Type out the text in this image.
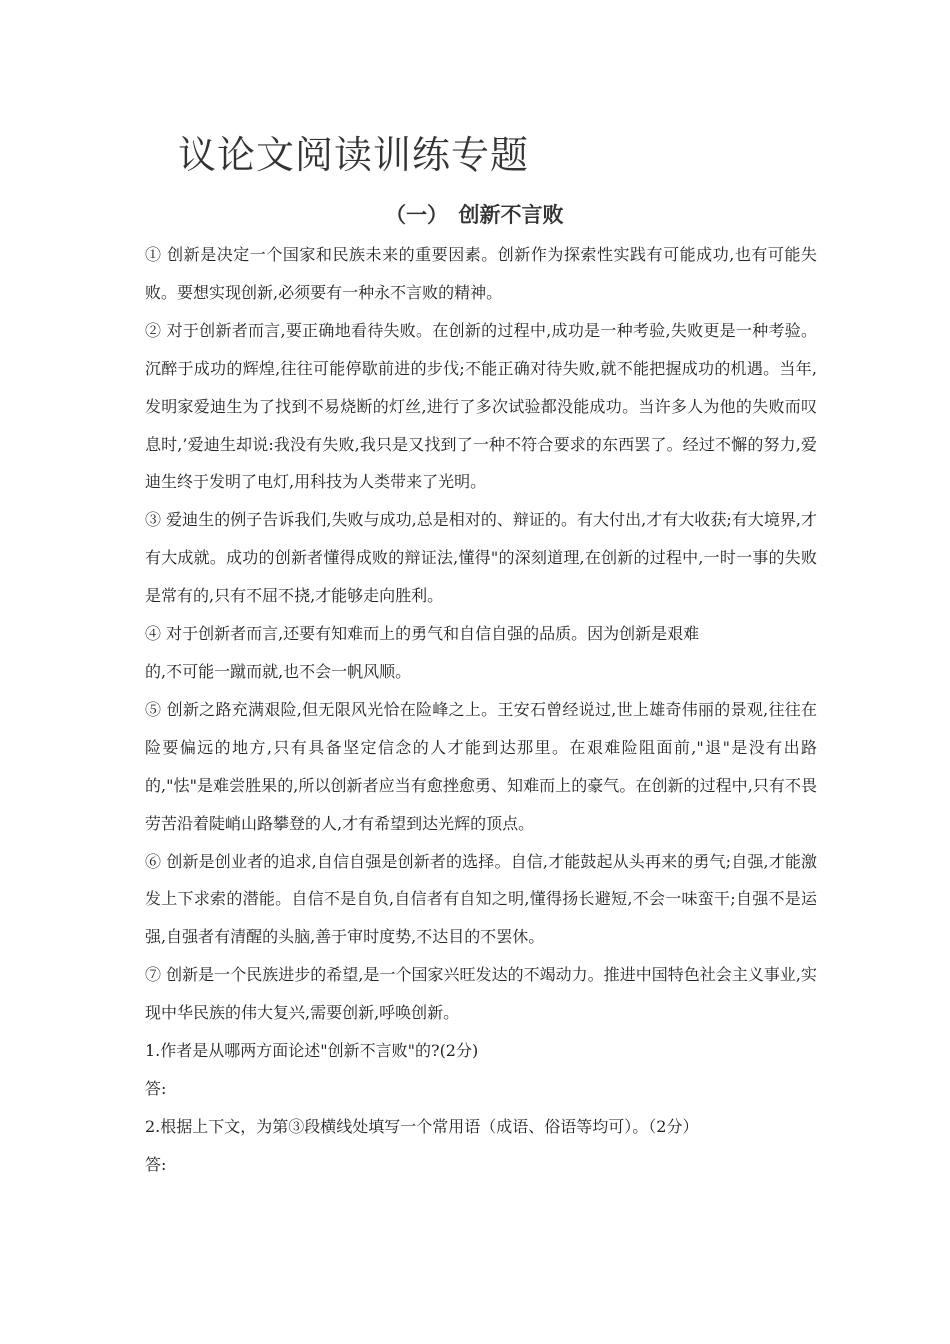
议论文阅读训练专题
（一）　创新不言败

① 创新是决定一个国家和民族未来的重要因素。创新作为探索性实践有可能成功,也有可能失败。要想实现创新,必须要有一种永不言败的精神。

② 对于创新者而言,要正确地看待失败。在创新的过程中,成功是一种考验,失败更是一种考验。沉醉于成功的辉煌,往往可能停歇前进的步伐;不能正确对待失败,就不能把握成功的机遇。当年,发明家爱迪生为了找到不易烧断的灯丝,进行了多次试验都没能成功。当许多人为他的失败而叹息时,’爱迪生却说:我没有失败,我只是又找到了一种不符合要求的东西罢了。经过不懈的努力,爱迪生终于发明了电灯,用科技为人类带来了光明。

③ 爱迪生的例子告诉我们,失败与成功,总是相对的、辩证的。有大付出,才有大收获;有大境界,才有大成就。成功的创新者懂得成败的辩证法,懂得"的深刻道理,在创新的过程中,一时一事的失败是常有的,只有不屈不挠,才能够走向胜利。

④ 对于创新者而言,还要有知难而上的勇气和自信自强的品质。因为创新是艰难

的,不可能一蹴而就,也不会一帆风顺。

⑤ 创新之路充满艰险,但无限风光恰在险峰之上。王安石曾经说过,世上雄奇伟丽的景观,往往在险要偏远的地方,只有具备坚定信念的人才能到达那里。在艰难险阻面前,"退"是没有出路的,"怯"是难尝胜果的,所以创新者应当有愈挫愈勇、知难而上的豪气。在创新的过程中,只有不畏劳苦沿着陡峭山路攀登的人,才有希望到达光辉的顶点。

⑥ 创新是创业者的追求,自信自强是创新者的选择。自信,才能鼓起从头再来的勇气;自强,才能激发上下求索的潜能。自信不是自负,自信者有自知之明,懂得扬长避短,不会一味蛮干;自强不是运强,自强者有清醒的头脑,善于审时度势,不达目的不罢休。

⑦ 创新是一个民族进步的希望,是一个国家兴旺发达的不竭动力。推进中国特色社会主义事业,实现中华民族的伟大复兴,需要创新,呼唤创新。

1.作者是从哪两方面论述"创新不言败"的?(2分)

答:

2.根据上下文，为第③段横线处填写一个常用语（成语、俗语等均可）。（2分）

答:
